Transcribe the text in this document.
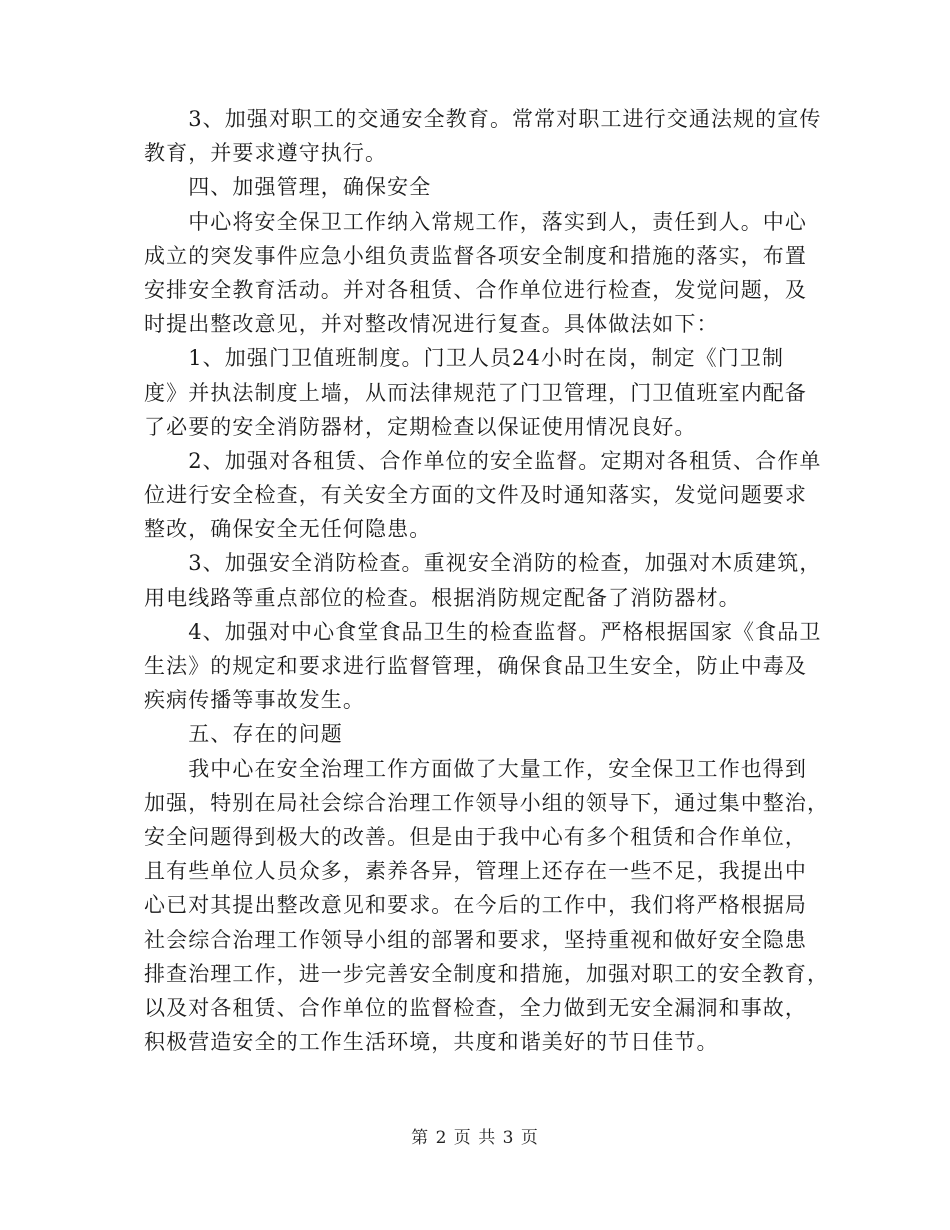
　　3、加强对职工的交通安全教育。常常对职工进行交通法规的宣传
教育，并要求遵守执行。
　　四、加强管理，确保安全
　　中心将安全保卫工作纳入常规工作，落实到人，责任到人。中心
成立的突发事件应急小组负责监督各项安全制度和措施的落实，布置
安排安全教育活动。并对各租赁、合作单位进行检查，发觉问题，及
时提出整改意见，并对整改情况进行复查。具体做法如下：
　　1、加强门卫值班制度。门卫人员24小时在岗，制定《门卫制
度》并执法制度上墙，从而法律规范了门卫管理，门卫值班室内配备
了必要的安全消防器材，定期检查以保证使用情况良好。
　　2、加强对各租赁、合作单位的安全监督。定期对各租赁、合作单
位进行安全检查，有关安全方面的文件及时通知落实，发觉问题要求
整改，确保安全无任何隐患。
　　3、加强安全消防检查。重视安全消防的检查，加强对木质建筑，
用电线路等重点部位的检查。根据消防规定配备了消防器材。
　　4、加强对中心食堂食品卫生的检查监督。严格根据国家《食品卫
生法》的规定和要求进行监督管理，确保食品卫生安全，防止中毒及
疾病传播等事故发生。
　　五、存在的问题
　　我中心在安全治理工作方面做了大量工作，安全保卫工作也得到
加强，特别在局社会综合治理工作领导小组的领导下，通过集中整治，
安全问题得到极大的改善。但是由于我中心有多个租赁和合作单位，
且有些单位人员众多，素养各异，管理上还存在一些不足，我提出中
心已对其提出整改意见和要求。在今后的工作中，我们将严格根据局
社会综合治理工作领导小组的部署和要求，坚持重视和做好安全隐患
排查治理工作，进一步完善安全制度和措施，加强对职工的安全教育，
以及对各租赁、合作单位的监督检查，全力做到无安全漏洞和事故，
积极营造安全的工作生活环境，共度和谐美好的节日佳节。
第 2 页 共 3 页
